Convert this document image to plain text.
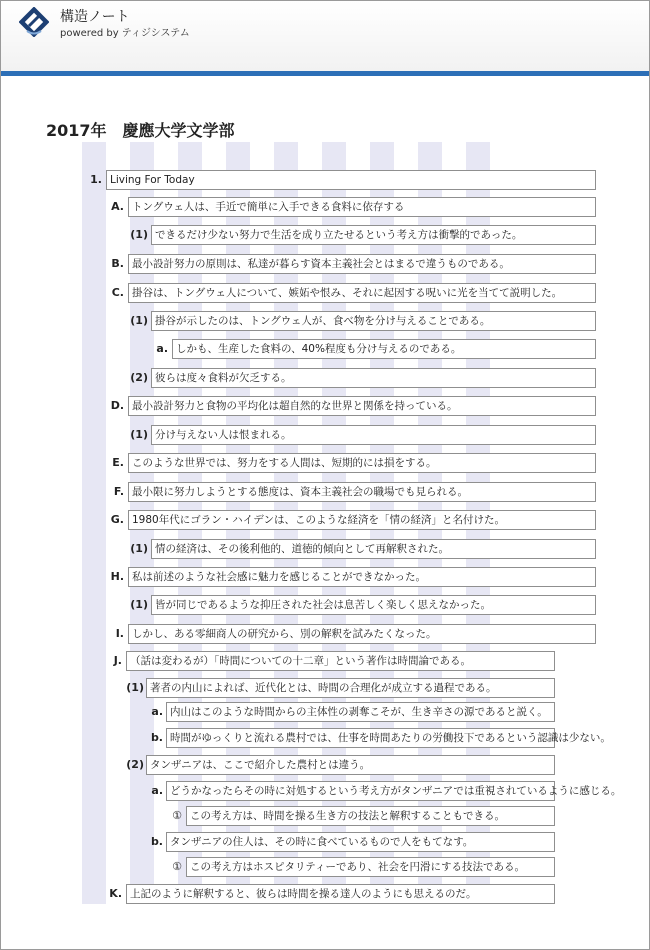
構造ノート
powered by ティジシステム
2017年　慶應大学文学部
1. Living For Today
A. トングウェ人は、手近で簡単に入手できる食料に依存する
(1) できるだけ少ない努力で生活を成り立たせるという考え方は衝撃的であった。
B. 最小設計努力の原則は、私達が暮らす資本主義社会とはまるで違うものである。
C. 掛谷は、トングウェ人について、嫉妬や恨み、それに起因する呪いに光を当てて説明した。
(1) 掛谷が示したのは、トングウェ人が、食べ物を分け与えることである。
a. しかも、生産した食料の、40%程度も分け与えるのである。
(2) 彼らは度々食料が欠乏する。
D. 最小設計努力と食物の平均化は超自然的な世界と関係を持っている。
(1) 分け与えない人は恨まれる。
E. このような世界では、努力をする人間は、短期的には損をする。
F. 最小限に努力しようとする態度は、資本主義社会の職場でも見られる。
G. 1980年代にゴラン・ハイデンは、このような経済を「情の経済」と名付けた。
(1) 情の経済は、その後利他的、道徳的傾向として再解釈された。
H. 私は前述のような社会感に魅力を感じることができなかった。
(1) 皆が同じであるような抑圧された社会は息苦しく楽しく思えなかった。
I. しかし、ある零細商人の研究から、別の解釈を試みたくなった。
J. （話は変わるが）「時間についての十二章」という著作は時間論である。
(1) 著者の内山によれば、近代化とは、時間の合理化が成立する過程である。
a. 内山はこのような時間からの主体性の剥奪こそが、生き辛さの源であると説く。
b. 時間がゆっくりと流れる農村では、仕事を時間あたりの労働投下であるという認識は少ない。
(2) タンザニアは、ここで紹介した農村とは違う。
a. どうかなったらその時に対処するという考え方がタンザニアでは重視されているように感じる。
① この考え方は、時間を操る生き方の技法と解釈することもできる。
b. タンザニアの住人は、その時に食べているもので人をもてなす。
① この考え方はホスピタリティーであり、社会を円滑にする技法である。
K. 上記のように解釈すると、彼らは時間を操る達人のようにも思えるのだ。
